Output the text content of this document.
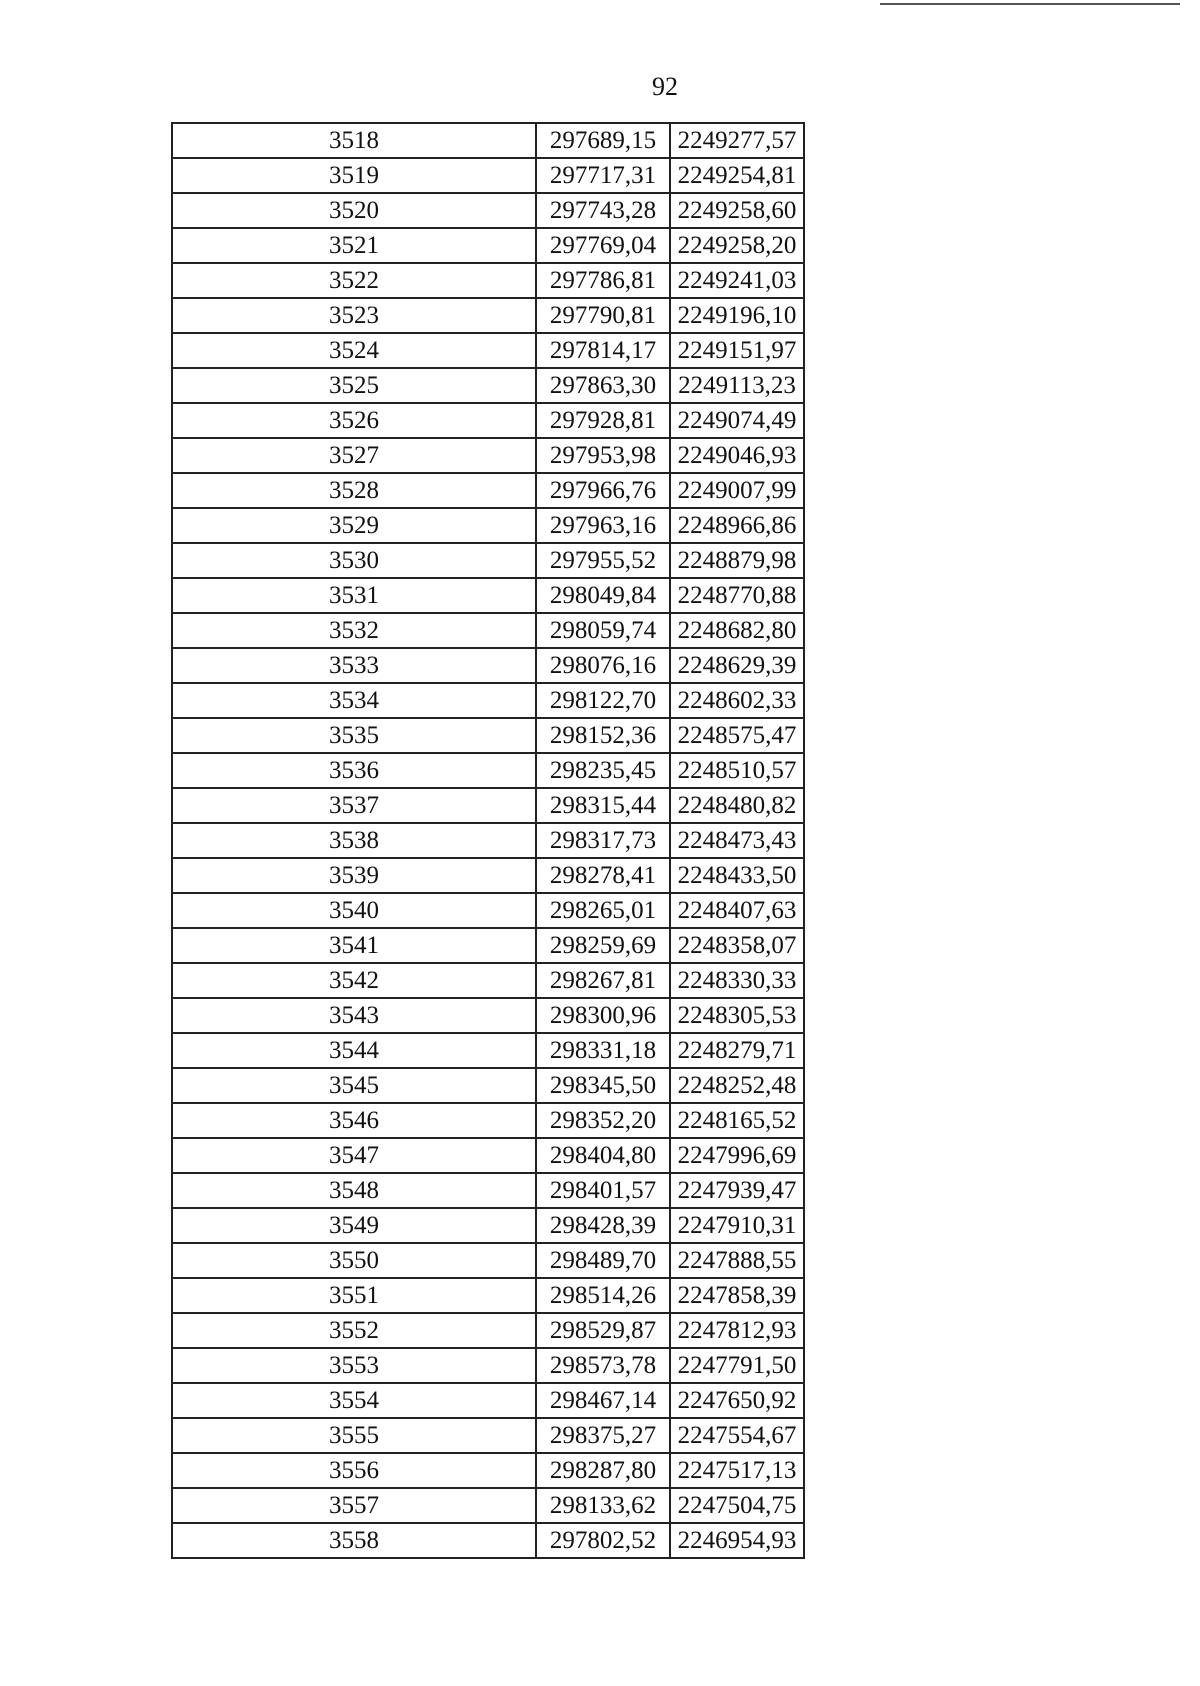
92
3518	297689,15	2249277,57
3519	297717,31	2249254,81
3520	297743,28	2249258,60
3521	297769,04	2249258,20
3522	297786,81	2249241,03
3523	297790,81	2249196,10
3524	297814,17	2249151,97
3525	297863,30	2249113,23
3526	297928,81	2249074,49
3527	297953,98	2249046,93
3528	297966,76	2249007,99
3529	297963,16	2248966,86
3530	297955,52	2248879,98
3531	298049,84	2248770,88
3532	298059,74	2248682,80
3533	298076,16	2248629,39
3534	298122,70	2248602,33
3535	298152,36	2248575,47
3536	298235,45	2248510,57
3537	298315,44	2248480,82
3538	298317,73	2248473,43
3539	298278,41	2248433,50
3540	298265,01	2248407,63
3541	298259,69	2248358,07
3542	298267,81	2248330,33
3543	298300,96	2248305,53
3544	298331,18	2248279,71
3545	298345,50	2248252,48
3546	298352,20	2248165,52
3547	298404,80	2247996,69
3548	298401,57	2247939,47
3549	298428,39	2247910,31
3550	298489,70	2247888,55
3551	298514,26	2247858,39
3552	298529,87	2247812,93
3553	298573,78	2247791,50
3554	298467,14	2247650,92
3555	298375,27	2247554,67
3556	298287,80	2247517,13
3557	298133,62	2247504,75
3558	297802,52	2246954,93
